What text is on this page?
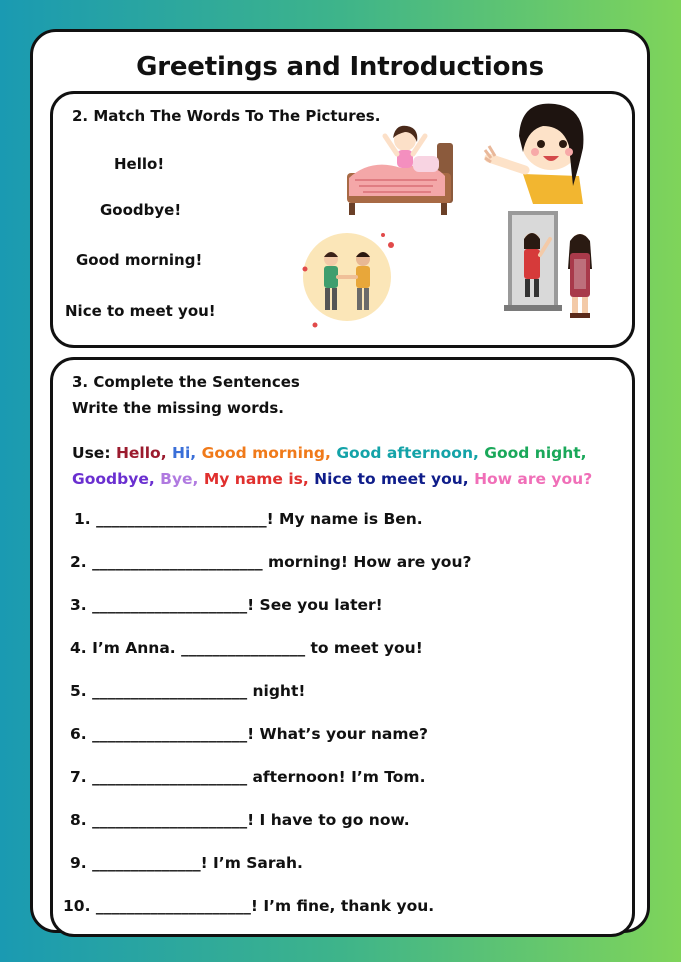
Greetings and Introductions
2. Match The Words To The Pictures.
Hello!
Goodbye!
Good morning!
Nice to meet you!
3. Complete the Sentences
Write the missing words.
Use: Hello, Hi, Good morning, Good afternoon, Good night,
Goodbye, Bye, My name is, Nice to meet you, How are you?
1. ______________________! My name is Ben.
2. ______________________ morning! How are you?
3. ____________________! See you later!
4. I’m Anna. ________________ to meet you!
5. ____________________ night!
6. ____________________! What’s your name?
7. ____________________ afternoon! I’m Tom.
8. ____________________! I have to go now.
9. ______________! I’m Sarah.
10. ____________________! I’m fine, thank you.
